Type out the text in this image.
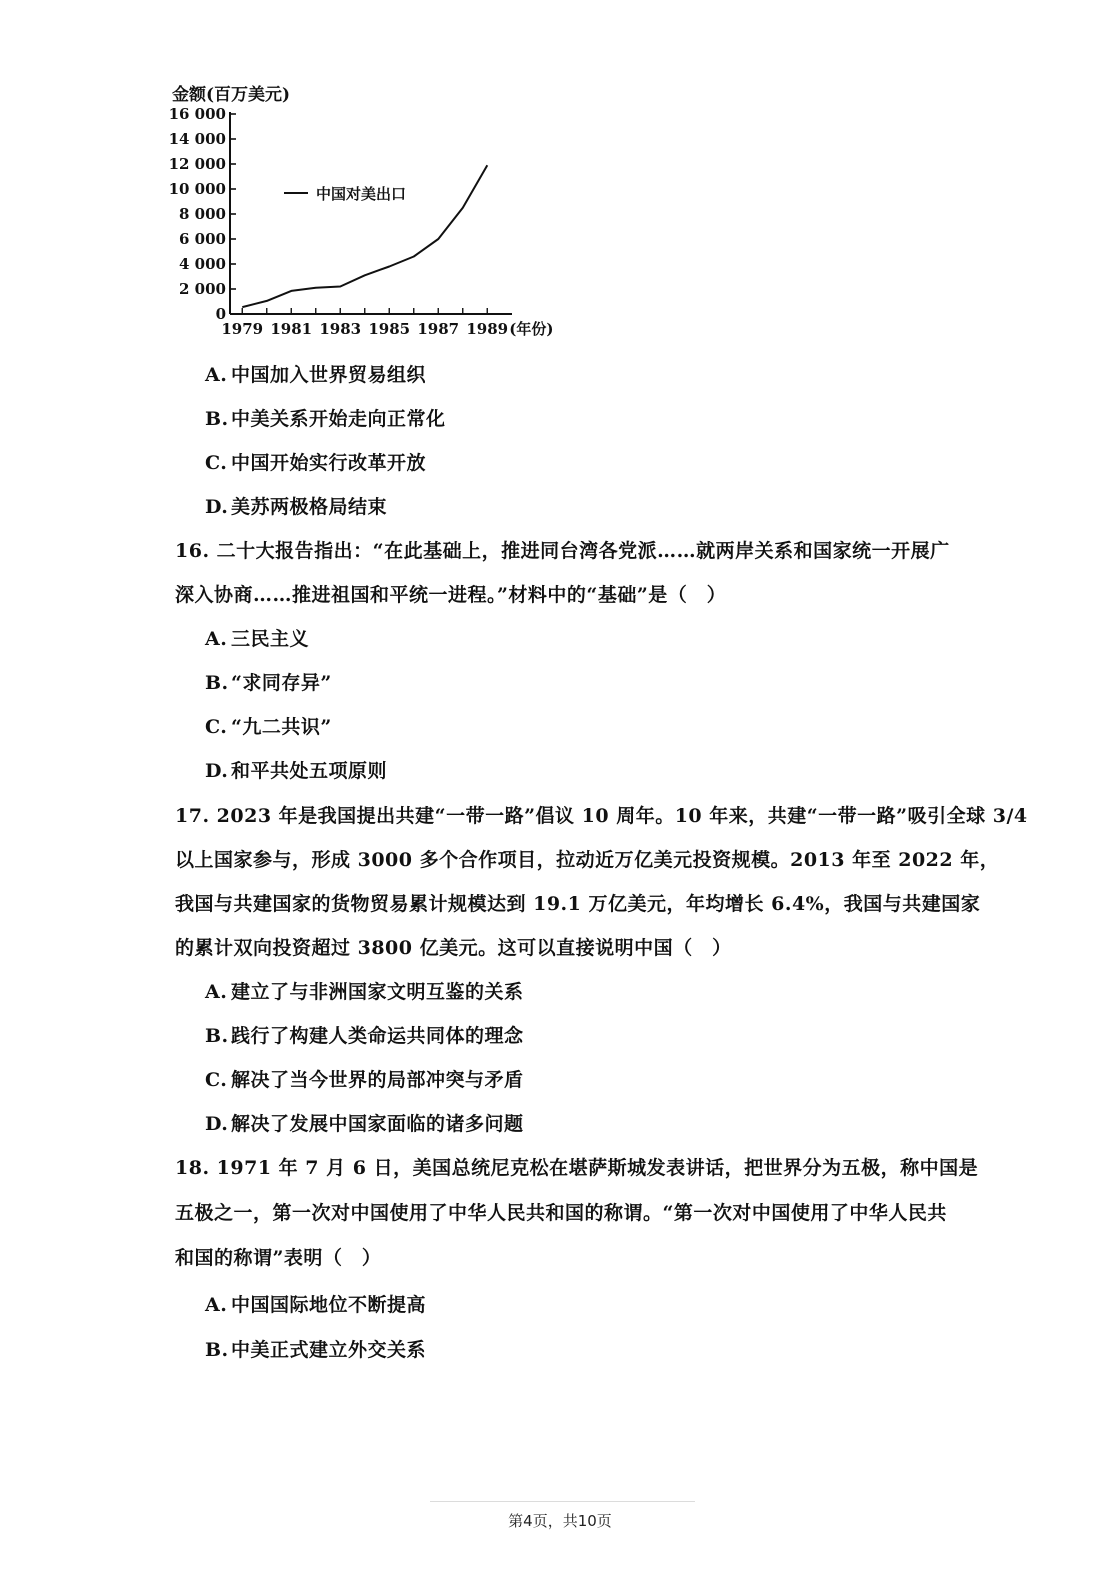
金额(百万美元)
16 000
14 000
12 000
10 000
8 000
6 000
4 000
2 000
0
1979 1981 1983 1985 1987 1989 (年份)
中国对美出口
A. 中国加入世界贸易组织
B. 中美关系开始走向正常化
C. 中国开始实行改革开放
D. 美苏两极格局结束
16. 二十大报告指出：“在此基础上，推进同台湾各党派……就两岸关系和国家统一开展广
深入协商……推进祖国和平统一进程。”材料中的“基础”是（　）
A. 三民主义
B. “求同存异”
C. “九二共识”
D. 和平共处五项原则
17. 2023 年是我国提出共建“一带一路”倡议 10 周年。10 年来，共建“一带一路”吸引全球 3/4
以上国家参与，形成 3000 多个合作项目，拉动近万亿美元投资规模。2013 年至 2022 年，
我国与共建国家的货物贸易累计规模达到 19.1 万亿美元，年均增长 6.4%，我国与共建国家
的累计双向投资超过 3800 亿美元。这可以直接说明中国（　）
A. 建立了与非洲国家文明互鉴的关系
B. 践行了构建人类命运共同体的理念
C. 解决了当今世界的局部冲突与矛盾
D. 解决了发展中国家面临的诸多问题
18. 1971 年 7 月 6 日，美国总统尼克松在堪萨斯城发表讲话，把世界分为五极，称中国是
五极之一，第一次对中国使用了中华人民共和国的称谓。“第一次对中国使用了中华人民共
和国的称谓”表明（　）
A. 中国国际地位不断提高
B. 中美正式建立外交关系
第4页，共10页
